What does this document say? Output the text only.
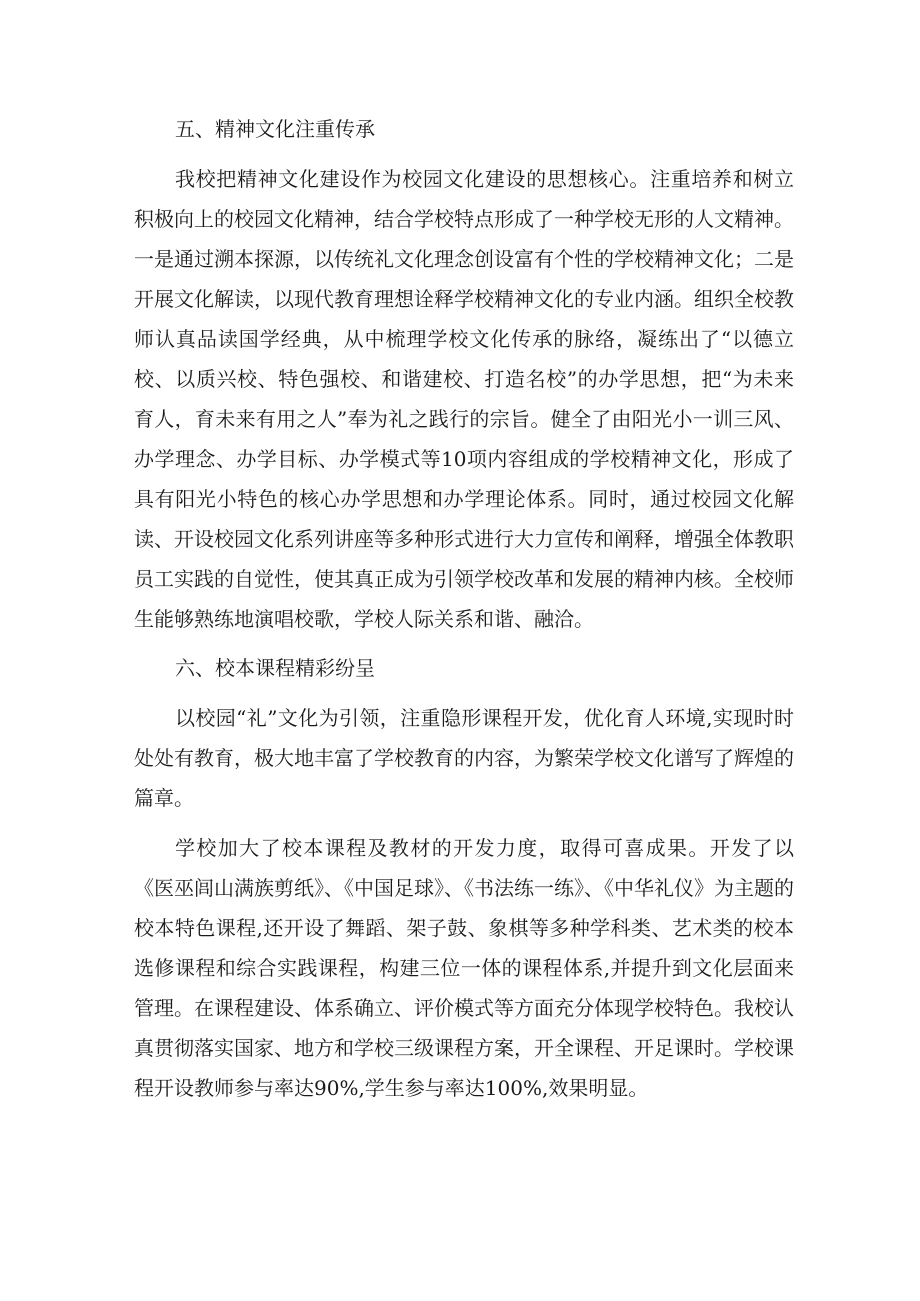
五、精神文化注重传承

我校把精神文化建设作为校园文化建设的思想核心。注重培养和树立积极向上的校园文化精神，结合学校特点形成了一种学校无形的人文精神。一是通过溯本探源，以传统礼文化理念创设富有个性的学校精神文化；二是开展文化解读，以现代教育理想诠释学校精神文化的专业内涵。组织全校教师认真品读国学经典，从中梳理学校文化传承的脉络，凝练出了“以德立校、以质兴校、特色强校、和谐建校、打造名校”的办学思想，把“为未来育人，育未来有用之人”奉为礼之践行的宗旨。健全了由阳光小一训三风、办学理念、办学目标、办学模式等10项内容组成的学校精神文化，形成了具有阳光小特色的核心办学思想和办学理论体系。同时，通过校园文化解读、开设校园文化系列讲座等多种形式进行大力宣传和阐释，增强全体教职员工实践的自觉性，使其真正成为引领学校改革和发展的精神内核。全校师生能够熟练地演唱校歌，学校人际关系和谐、融洽。

六、校本课程精彩纷呈

以校园“礼”文化为引领，注重隐形课程开发，优化育人环境,实现时时处处有教育，极大地丰富了学校教育的内容，为繁荣学校文化谱写了辉煌的篇章。

学校加大了校本课程及教材的开发力度，取得可喜成果。开发了以《医巫闾山满族剪纸》、《中国足球》、《书法练一练》、《中华礼仪》为主题的校本特色课程,还开设了舞蹈、架子鼓、象棋等多种学科类、艺术类的校本选修课程和综合实践课程，构建三位一体的课程体系,并提升到文化层面来管理。在课程建设、体系确立、评价模式等方面充分体现学校特色。我校认真贯彻落实国家、地方和学校三级课程方案，开全课程、开足课时。学校课程开设教师参与率达90%,学生参与率达100%,效果明显。
